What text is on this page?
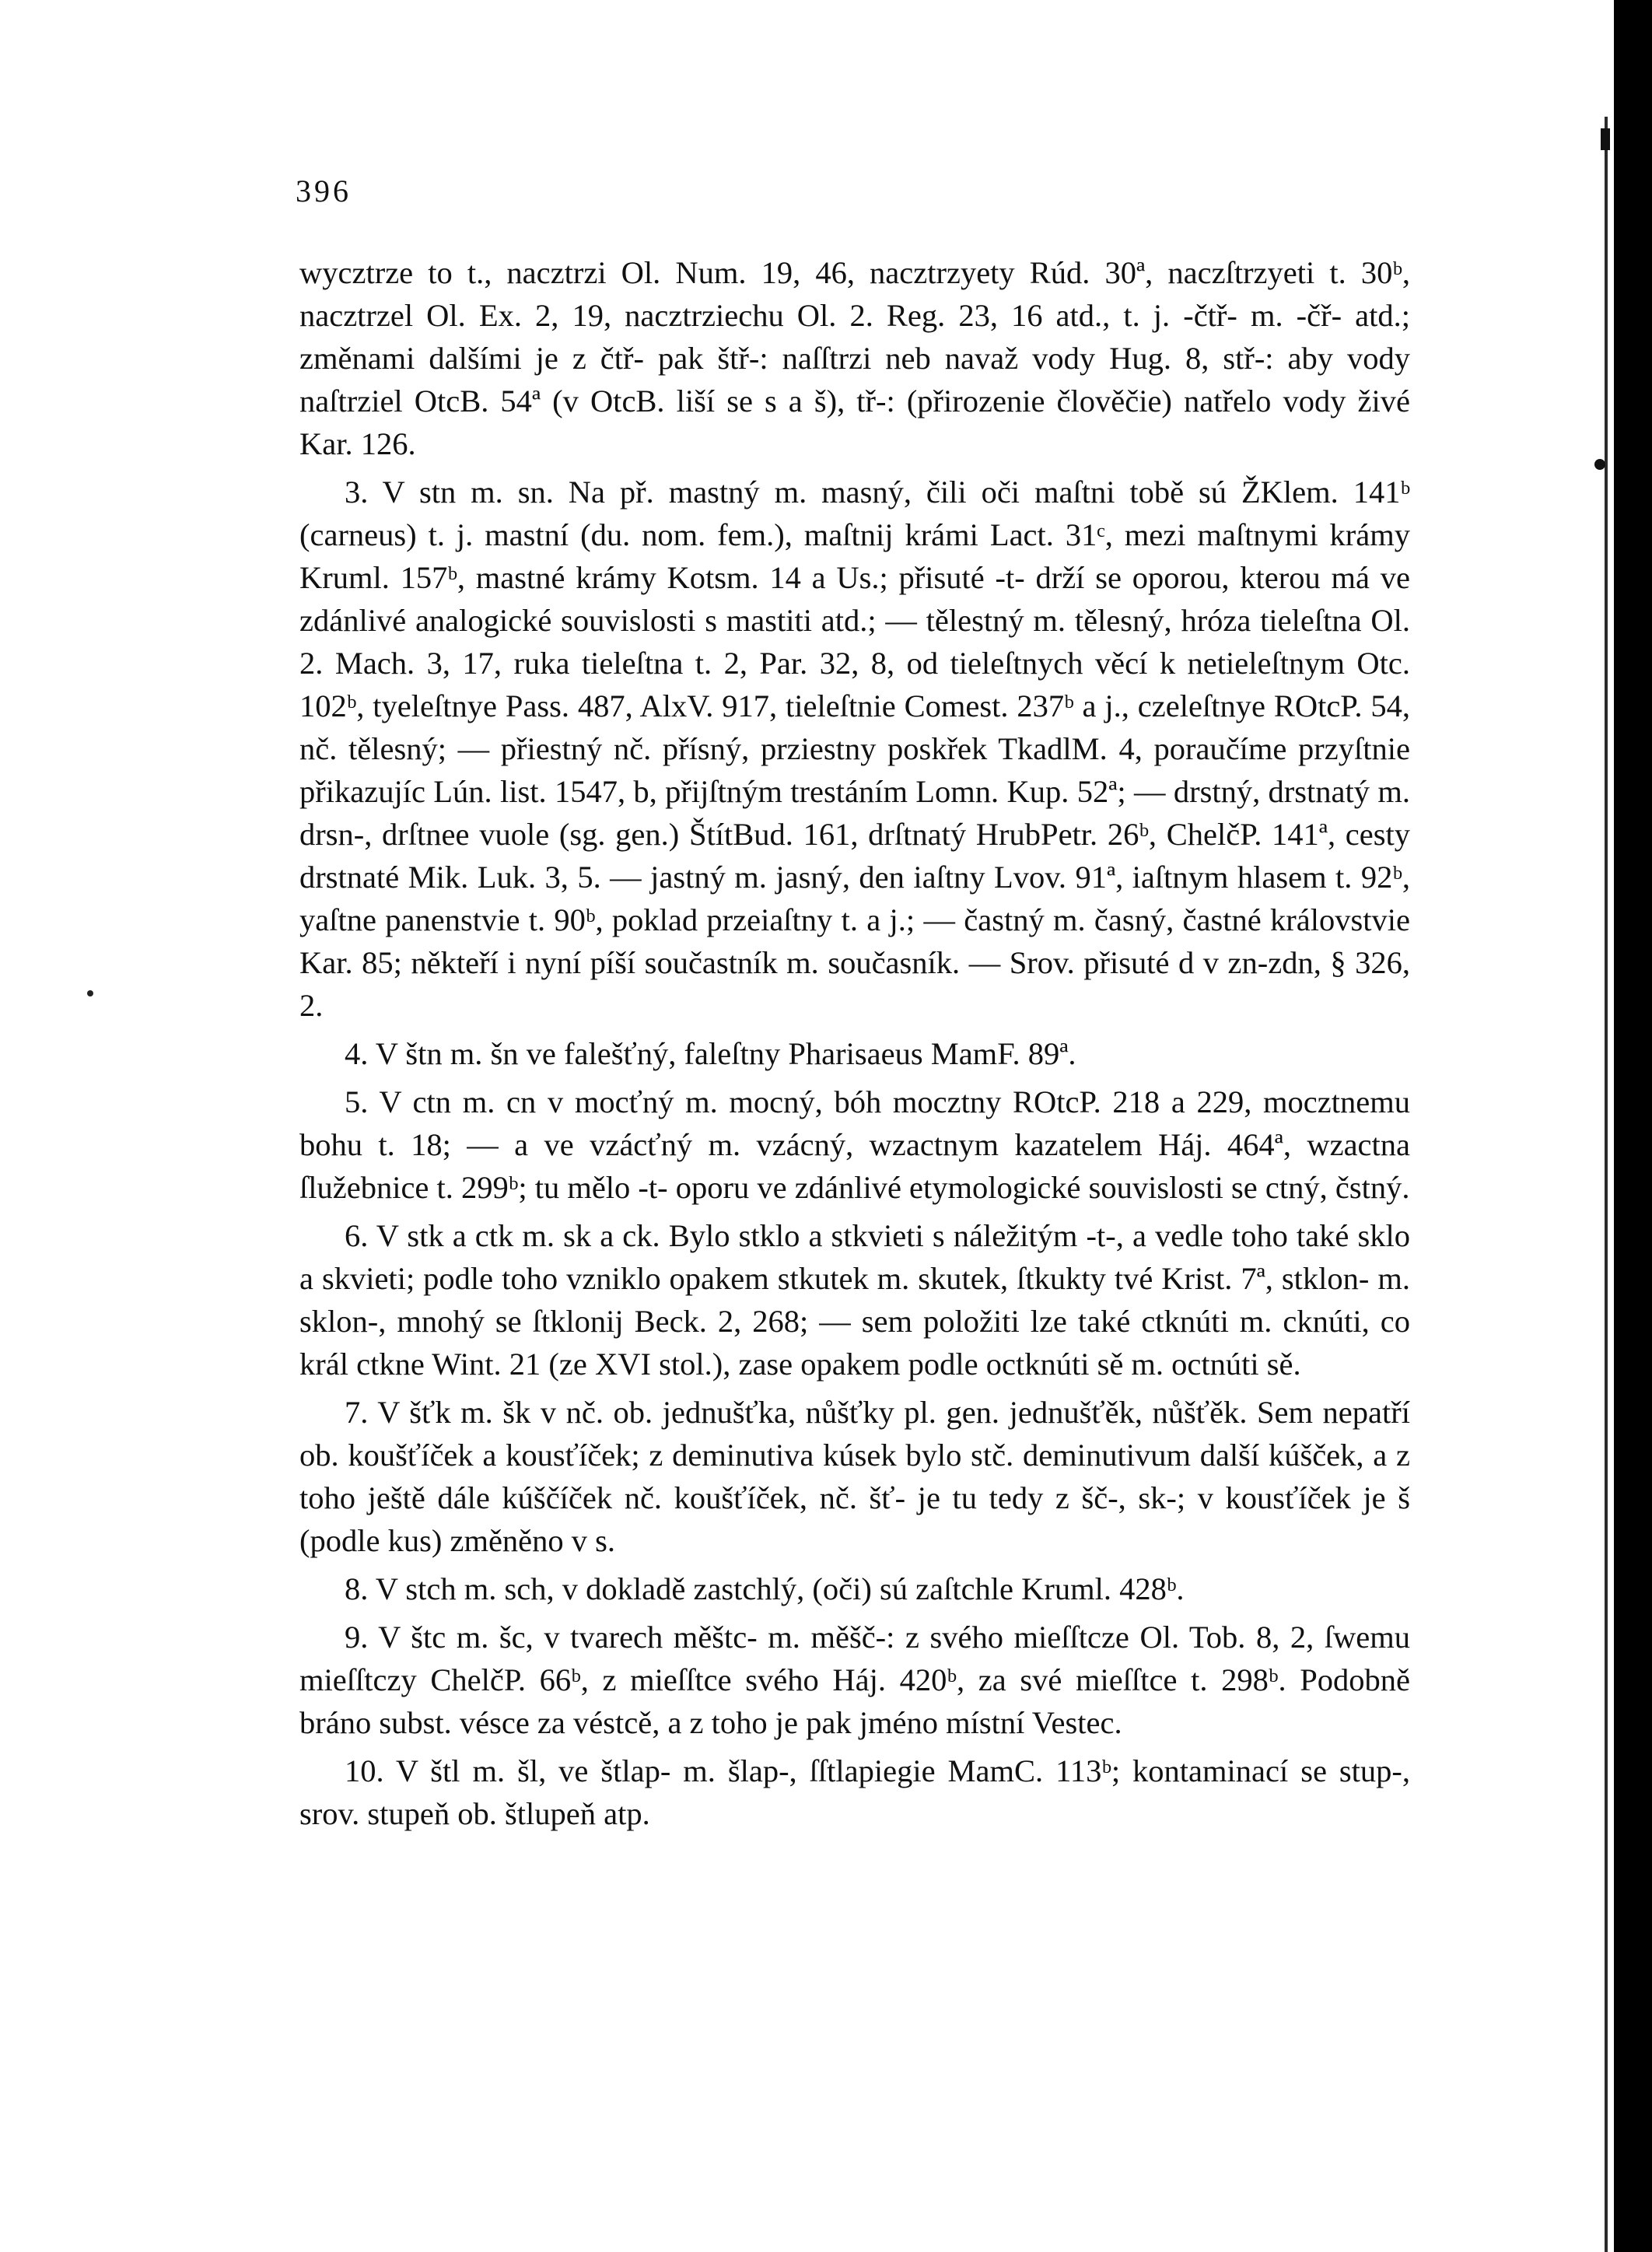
396

wycztrze to t., nacztrzi Ol. Num. 19, 46, nacztrzyety Rúd. 30ª, naczſtrzyeti t. 30ᵇ, nacztrzel Ol. Ex. 2, 19, nacztrziechu Ol. 2. Reg. 23, 16 atd., t. j. -čtř- m. -čř- atd.; změnami dalšími je z čtř- pak štř-: naſſtrzi neb navaž vody Hug. 8, stř-: aby vody naſtrziel OtcB. 54ª (v OtcB. liší se s a š), tř-: (přirozenie člověčie) natřelo vody živé Kar. 126.

3. V stn m. sn. Na př. mastný m. masný, čili oči maſtni tobě sú ŽKlem. 141ᵇ (carneus) t. j. mastní (du. nom. fem.), maſtnij krámi Lact. 31ᶜ, mezi maſtnymi krámy Kruml. 157ᵇ, mastné krámy Kotsm. 14 a Us.; přisuté -t- drží se oporou, kterou má ve zdánlivé analogické souvislosti s mastiti atd.; — tělestný m. tělesný, hróza tieleſtna Ol. 2. Mach. 3, 17, ruka tieleſtna t. 2, Par. 32, 8, od tieleſtnych věcí k netieleſtnym Otc. 102ᵇ, tyeleſtnye Pass. 487, AlxV. 917, tieleſtnie Comest. 237ᵇ a j., czeleſtnye ROtcP. 54, nč. tělesný; — přiestný nč. přísný, prziestny poskřek TkadlM. 4, poraučíme przyſtnie přikazujíc Lún. list. 1547, b, přijſtným trestáním Lomn. Kup. 52ª; — drstný, drstnatý m. drsn-, drſtnee vuole (sg. gen.) ŠtítBud. 161, drſtnatý HrubPetr. 26ᵇ, ChelčP. 141ª, cesty drstnaté Mik. Luk. 3, 5. — jastný m. jasný, den iaſtny Lvov. 91ª, iaſtnym hlasem t. 92ᵇ, yaſtne panenstvie t. 90ᵇ, poklad przeiaſtny t. a j.; — častný m. časný, častné královstvie Kar. 85; někteří i nyní píší součastník m. současník. — Srov. přisuté d v zn-zdn, § 326, 2.

4. V štn m. šn ve falešťný, faleſtny Pharisaeus MamF. 89ª.

5. V ctn m. cn v mocťný m. mocný, bóh mocztny ROtcP. 218 a 229, mocztnemu bohu t. 18; — a ve vzácťný m. vzácný, wzactnym kazatelem Háj. 464ª, wzactna ſlužebnice t. 299ᵇ; tu mělo -t- oporu ve zdánlivé etymologické souvislosti se ctný, čstný.

6. V stk a ctk m. sk a ck. Bylo stklo a stkvieti s náležitým -t-, a vedle toho také sklo a skvieti; podle toho vzniklo opakem stkutek m. skutek, ſtkukty tvé Krist. 7ª, stklon- m. sklon-, mnohý se ſtklonij Beck. 2, 268; — sem položiti lze také ctknúti m. cknúti, co král ctkne Wint. 21 (ze XVI stol.), zase opakem podle octknúti sě m. octnúti sě.

7. V šťk m. šk v nč. ob. jednušťka, nůšťky pl. gen. jednušťěk, nůšťěk. Sem nepatří ob. koušťíček a kousťíček; z deminutiva kúsek bylo stč. deminutivum další kúšček, a z toho ještě dále kúščíček nč. koušťíček, nč. šť- je tu tedy z šč-, sk-; v kousťíček je š (podle kus) změněno v s.

8. V stch m. sch, v dokladě zastchlý, (oči) sú zaſtchle Kruml. 428ᵇ.

9. V štc m. šc, v tvarech měštc- m. měšč-: z svého mieſſtcze Ol. Tob. 8, 2, ſwemu mieſſtczy ChelčP. 66ᵇ, z mieſſtce svého Háj. 420ᵇ, za své mieſſtce t. 298ᵇ. Podobně bráno subst. vésce za véstcě, a z toho je pak jméno místní Vestec.

10. V štl m. šl, ve štlap- m. šlap-, ſſtlapiegie MamC. 113ᵇ; kontaminací se stup-, srov. stupeň ob. štlupeň atp.
